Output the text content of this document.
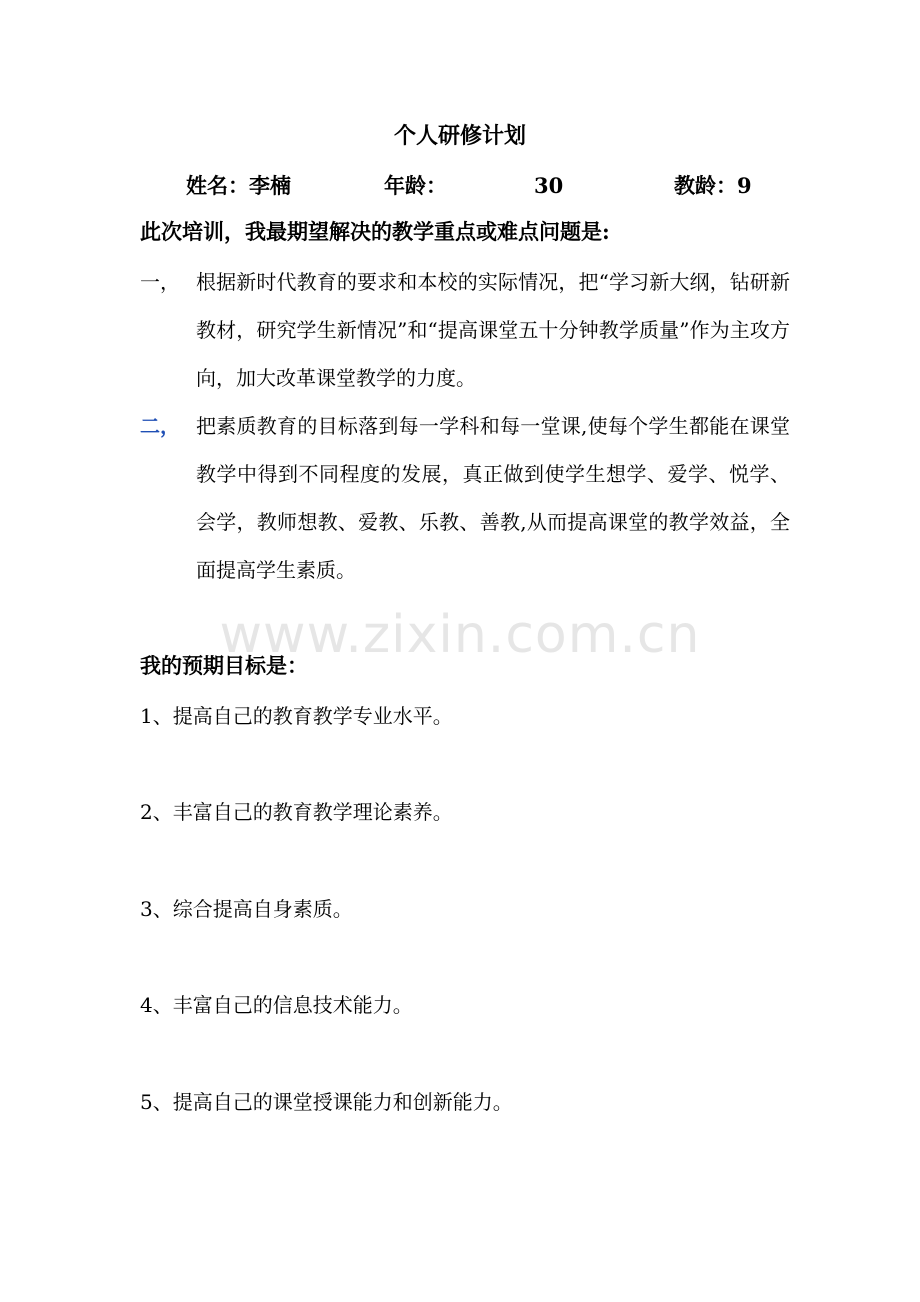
www.zixin.com.cn
个人研修计划
姓名：李楠	年龄：	30	教龄：9
此次培训，我最期望解决的教学重点或难点问题是:
一， 根据新时代教育的要求和本校的实际情况，把“学习新大纲，钻研新教材，研究学生新情况”和“提高课堂五十分钟教学质量”作为主攻方向，加大改革课堂教学的力度。
二， 把素质教育的目标落到每一学科和每一堂课,使每个学生都能在课堂教学中得到不同程度的发展，真正做到使学生想学、爱学、悦学、会学，教师想教、爱教、乐教、善教,从而提高课堂的教学效益，全面提高学生素质。
我的预期目标是：
1、提高自己的教育教学专业水平。
2、丰富自己的教育教学理论素养。
3、综合提高自身素质。
4、丰富自己的信息技术能力。
5、提高自己的课堂授课能力和创新能力。
